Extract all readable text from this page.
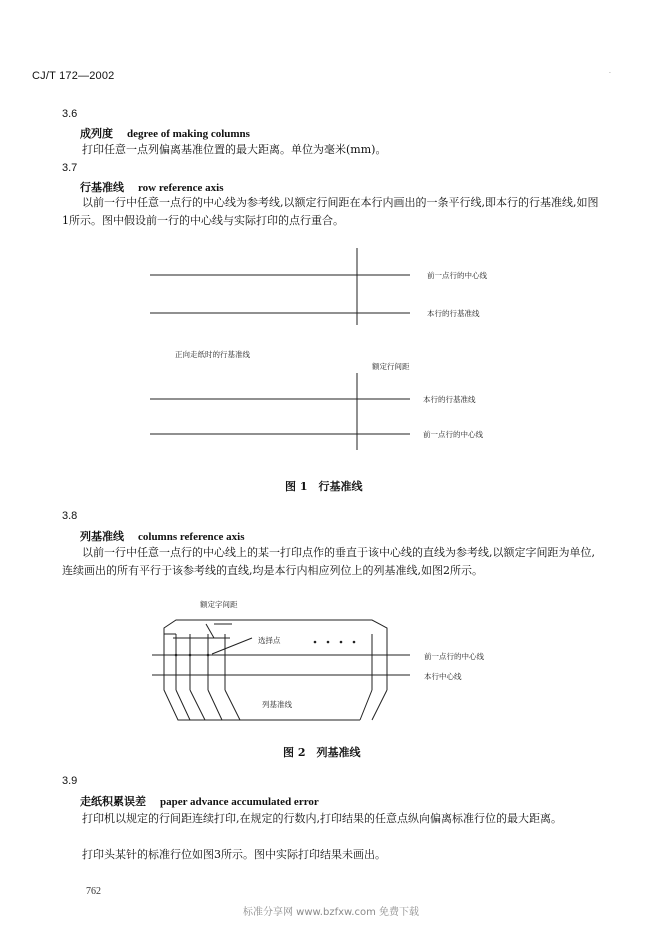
CJ/T 172—2002	·
3.6
成列度 degree of making columns
打印任意一点列偏离基准位置的最大距离。单位为毫米(mm)。
3.7
行基准线 row reference axis
以前一行中任意一点行的中心线为参考线,以额定行间距在本行内画出的一条平行线,即本行的行基准线,如图1所示。图中假设前一行的中心线与实际打印的点行重合。
前一点行的中心线
本行的行基准线
正向走纸时的行基准线
额定行间距
本行的行基准线
前一点行的中心线
图 1　行基准线
3.8
列基准线 columns reference axis
以前一行中任意一点行的中心线上的某一打印点作的垂直于该中心线的直线为参考线,以额定字间距为单位,连续画出的所有平行于该参考线的直线,均是本行内相应列位上的列基准线,如图2所示。
额定字间距
选择点
前一点行的中心线
本行中心线
列基准线
图 2　列基准线
3.9
走纸积累误差 paper advance accumulated error
打印机以规定的行间距连续打印,在规定的行数内,打印结果的任意点纵向偏离标准行位的最大距离。
打印头某针的标准行位如图3所示。图中实际打印结果未画出。
762
标准分享网 www.bzfxw.com 免费下载
